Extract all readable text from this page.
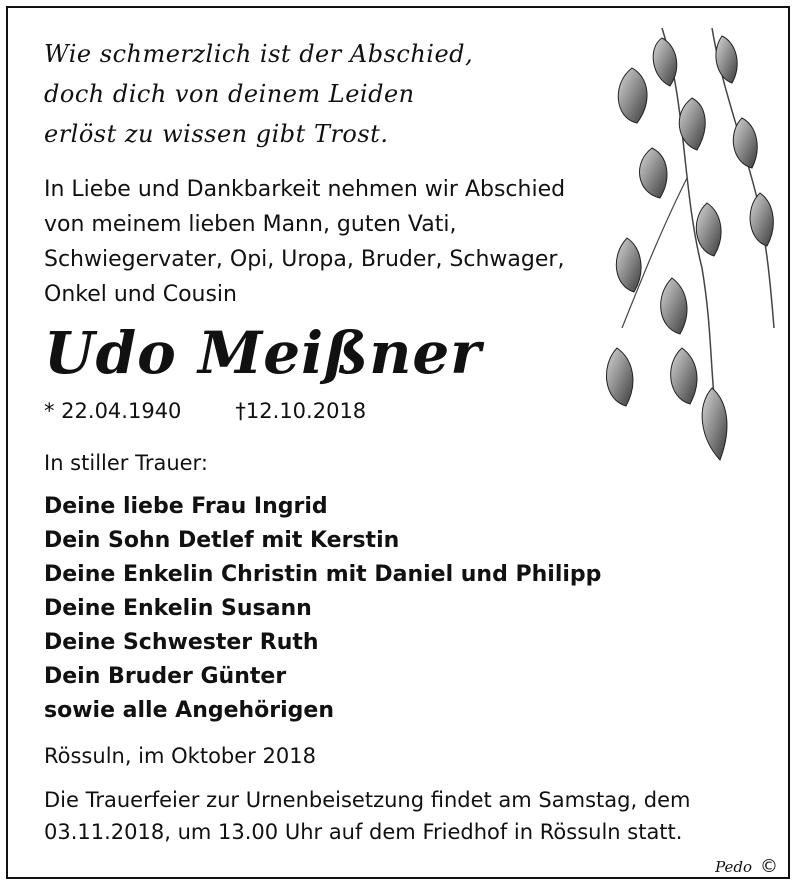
Wie schmerzlich ist der Abschied,
doch dich von deinem Leiden
erlöst zu wissen gibt Trost.
In Liebe und Dankbarkeit nehmen wir Abschied
von meinem lieben Mann, guten Vati,
Schwiegervater, Opi, Uropa, Bruder, Schwager,
Onkel und Cousin
Udo Meißner
* 22.04.1940	†12.10.2018
In stiller Trauer:
Deine liebe Frau Ingrid
Dein Sohn Detlef mit Kerstin
Deine Enkelin Christin mit Daniel und Philipp
Deine Enkelin Susann
Deine Schwester Ruth
Dein Bruder Günter
sowie alle Angehörigen
Rössuln, im Oktober 2018
Die Trauerfeier zur Urnenbeisetzung findet am Samstag, dem
03.11.2018, um 13.00 Uhr auf dem Friedhof in Rössuln statt.
Pedo ©
